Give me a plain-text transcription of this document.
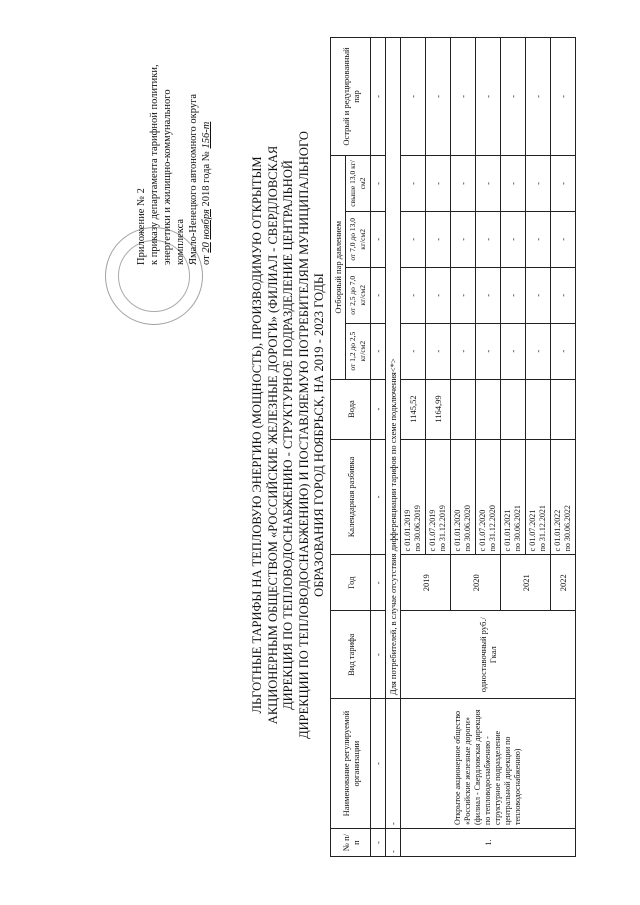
Приложение № 2 к приказу департамента тарифной политики, энергетики и жилищно-коммунального комплекса Ямало-Ненецкого автономного округа от 20 ноября 2018 года № 156-т
ЛЬГОТНЫЕ ТАРИФЫ НА ТЕПЛОВУЮ ЭНЕРГИЮ (МОЩНОСТЬ), ПРОИЗВОДИМУЮ ОТКРЫТЫМ АКЦИОНЕРНЫМ ОБЩЕСТВОМ «РОССИЙСКИЕ ЖЕЛЕЗНЫЕ ДОРОГИ» (ФИЛИАЛ - СВЕРДЛОВСКАЯ ДИРЕКЦИЯ ПО ТЕПЛОВОДОСНАБЖЕНИЮ - СТРУКТУРНОЕ ПОДРАЗДЕЛЕНИЕ ЦЕНТРАЛЬНОЙ ДИРЕКЦИИ ПО ТЕПЛОВОДОСНАБЖЕНИЮ) И ПОСТАВЛЯЕМУЮ ПОТРЕБИТЕЛЯМ МУНИЦИПАЛЬНОГО ОБРАЗОВАНИЯ ГОРОД НОЯБРЬСК, НА 2019 - 2023 ГОДЫ
№ п/п	Наименование регулируемой организации	Вид тарифа	Год	Календарная разбивка	Вода	Отборный пар давлением				Острый и редуцированный пар
						от 1,2 до 2,5 кг/см2	от 2,5 до 7,0 кг/см2	от 7,0 до 13,0 кг/см2	свыше 13,0 кг/см2	
-	-	-	-	-	-	-	-	-	-	-
-	-	Для потребителей, в случае отсутствия дифференциации тарифов по схеме подключения<*>								
1.	Открытое акционерное общество «Российские железные дороги» (филиал - Свердловская дирекция по тепловодоснабжению - структурное подразделение центральной дирекции по тепловодоснабжению)	одноставочный руб./Гкал	2019	с 01.01.2019
по 30.06.2019	1145,52	-	-	-	-	-
				с 01.07.2019
по 31.12.2019	1164,99	-	-	-	-	-
			2020	с 01.01.2020
по 30.06.2020		-	-	-	-	-
				с 01.07.2020
по 31.12.2020		-	-	-	-	-
			2021	с 01.01.2021
по 30.06.2021		-	-	-	-	-
				с 01.07.2021
по 31.12.2021		-	-	-	-	-
			2022	с 01.01.2022
по 30.06.2022		-	-	-	-	-
